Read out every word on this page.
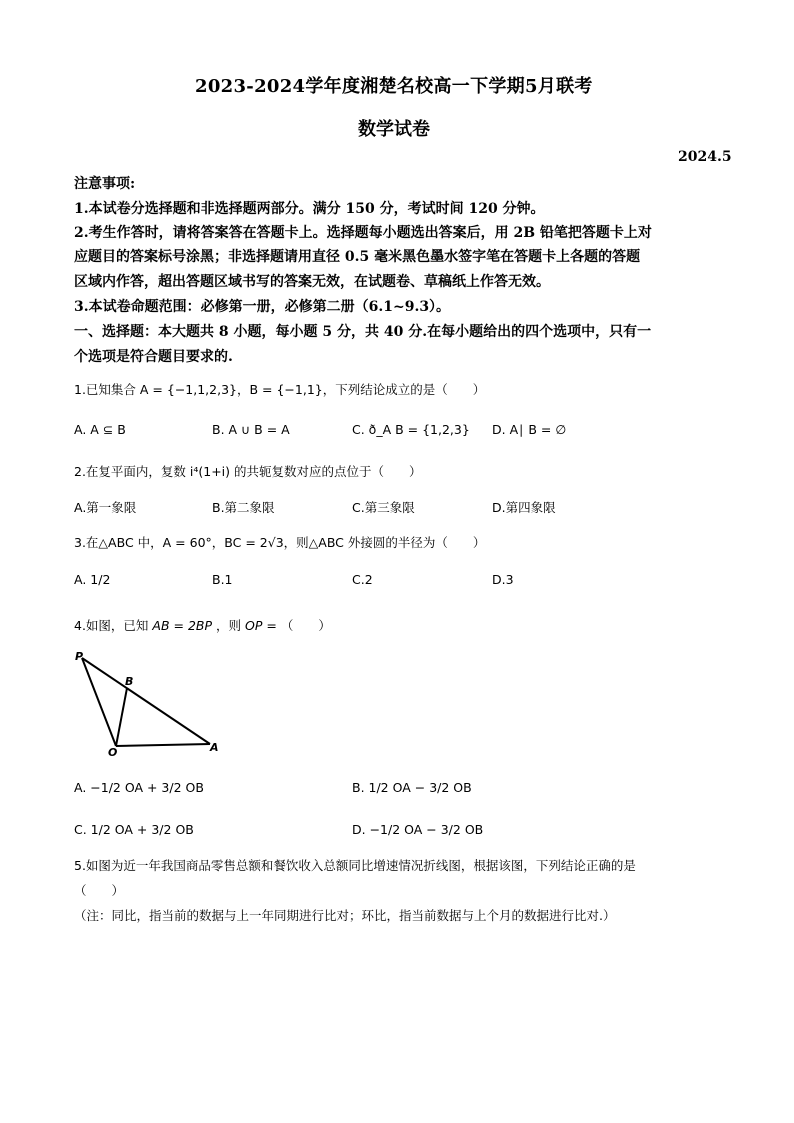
2023-2024学年度湘楚名校高一下学期5月联考
数学试卷
2024.5
注意事项:
1.本试卷分选择题和非选择题两部分。满分 150 分，考试时间 120 分钟。
2.考生作答时，请将答案答在答题卡上。选择题每小题选出答案后，用 2B 铅笔把答题卡上对
应题目的答案标号涂黑；非选择题请用直径 0.5 毫米黑色墨水签字笔在答题卡上各题的答题
区域内作答，超出答题区域书写的答案无效，在试题卷、草稿纸上作答无效。
3.本试卷命题范围：必修第一册，必修第二册（6.1~9.3）。
一、选择题：本大题共 8 小题，每小题 5 分，共 40 分.在每小题给出的四个选项中，只有一
个选项是符合题目要求的.
1.已知集合 A = {−1,1,2,3}，B = {−1,1}，下列结论成立的是（　　）
A. A ⊆ B	B. A ∪ B = A	C. ð_A B = {1,2,3} D. A∣ B = ∅
2.在复平面内，复数 i⁴(1+i) 的共轭复数对应的点位于（　　）
A.第一象限	B.第二象限	C.第三象限	D.第四象限
3.在△ABC 中，A = 60°，BC = 2√3，则△ABC 外接圆的半径为（　　）
A. 1/2	B.1	C.2	D.3
4.如图，已知 AB = 2BP ，则 OP = （　　）
P
B
O	A
A. −1/2 OA + 3/2 OB	B. 1/2 OA − 3/2 OB
C. 1/2 OA + 3/2 OB	D. −1/2 OA − 3/2 OB
5.如图为近一年我国商品零售总额和餐饮收入总额同比增速情况折线图，根据该图，下列结论正确的是
（　　）
（注：同比，指当前的数据与上一年同期进行比对；环比，指当前数据与上个月的数据进行比对.）
